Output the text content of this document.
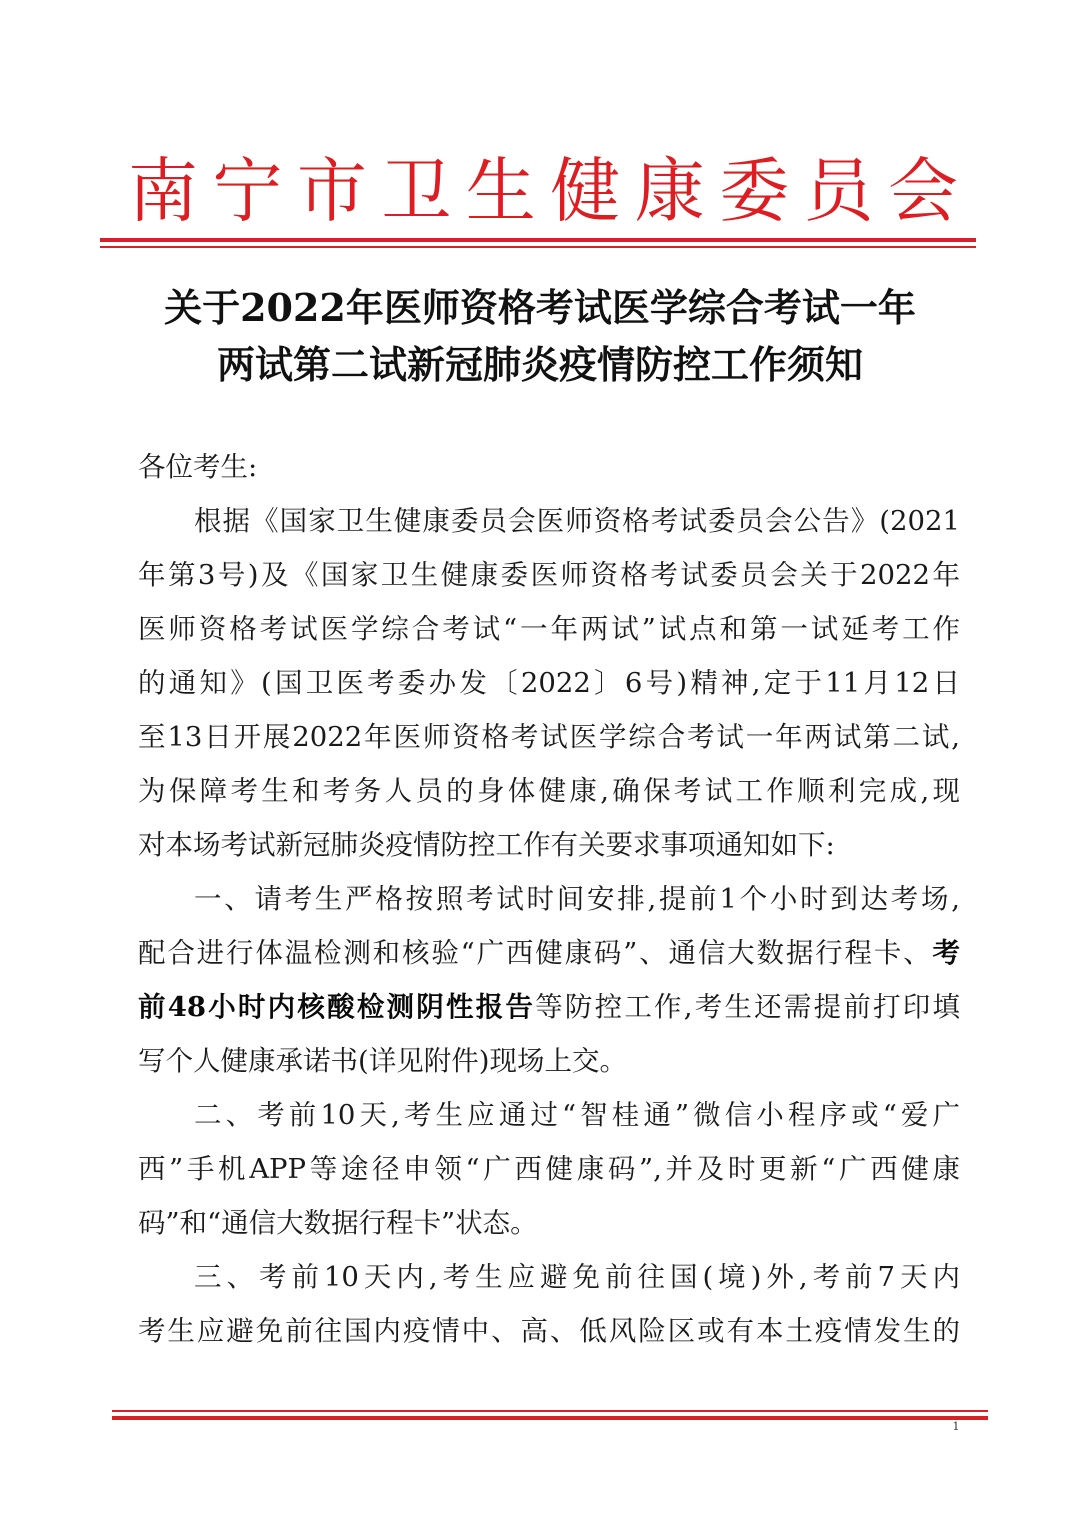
南 宁 市 卫 生 健 康 委 员 会
关于2022年医师资格考试医学综合考试一年
两试第二试新冠肺炎疫情防控工作须知
各位考生:
根据《国家卫生健康委员会医师资格考试委员会公告》(2021
年第3号)及《国家卫生健康委医师资格考试委员会关于2022年
医师资格考试医学综合考试“一年两试”试点和第一试延考工作
的通知》(国卫医考委办发〔2022〕6号)精神,定于11月12日
至13日开展2022年医师资格考试医学综合考试一年两试第二试,
为保障考生和考务人员的身体健康,确保考试工作顺利完成,现
对本场考试新冠肺炎疫情防控工作有关要求事项通知如下:
一、请考生严格按照考试时间安排,提前1个小时到达考场,
配合进行体温检测和核验“广西健康码”、通信大数据行程卡、考
前48小时内核酸检测阴性报告等防控工作,考生还需提前打印填
写个人健康承诺书(详见附件)现场上交。
二、考前10天,考生应通过“智桂通”微信小程序或“爱广
西”手机APP等途径申领“广西健康码”,并及时更新“广西健康
码”和“通信大数据行程卡”状态。
三、考前10天内,考生应避免前往国(境)外,考前7天内
考生应避免前往国内疫情中、高、低风险区或有本土疫情发生的
1
